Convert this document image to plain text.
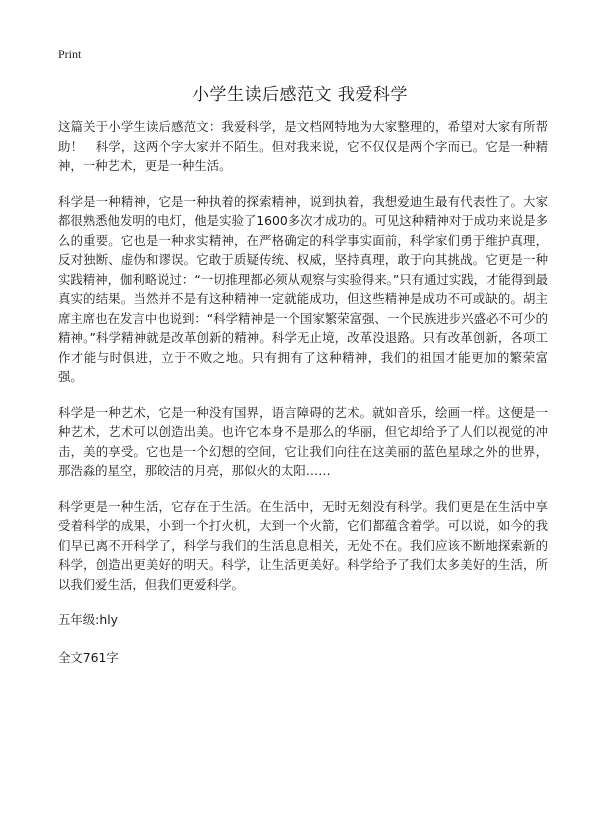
Print
小学生读后感范文 我爱科学

这篇关于小学生读后感范文：我爱科学，是文档网特地为大家整理的，希望对大家有所帮助！　科学，这两个字大家并不陌生。但对我来说，它不仅仅是两个字而已。它是一种精神，一种艺术，更是一种生活。

科学是一种精神，它是一种执着的探索精神，说到执着，我想爱迪生最有代表性了。大家都很熟悉他发明的电灯，他是实验了1600多次才成功的。可见这种精神对于成功来说是多么的重要。它也是一种求实精神，在严格确定的科学事实面前，科学家们勇于维护真理，反对独断、虚伪和谬误。它敢于质疑传统、权威，坚持真理，敢于向其挑战。它更是一种实践精神，伽利略说过：“一切推理都必须从观察与实验得来。”只有通过实践，才能得到最真实的结果。当然并不是有这种精神一定就能成功，但这些精神是成功不可或缺的。胡主席主席也在发言中也说到：“科学精神是一个国家繁荣富强、一个民族进步兴盛必不可少的精神。”科学精神就是改革创新的精神。科学无止境，改革没退路。只有改革创新，各项工作才能与时俱进，立于不败之地。只有拥有了这种精神，我们的祖国才能更加的繁荣富强。

科学是一种艺术，它是一种没有国界，语言障碍的艺术。就如音乐，绘画一样。这便是一种艺术，艺术可以创造出美。也许它本身不是那么的华丽，但它却给予了人们以视觉的冲击，美的享受。它也是一个幻想的空间，它让我们向往在这美丽的蓝色星球之外的世界，那浩淼的星空，那皎洁的月亮，那似火的太阳……

科学更是一种生活，它存在于生活。在生活中，无时无刻没有科学。我们更是在生活中享受着科学的成果，小到一个打火机，大到一个火箭，它们都蕴含着学。可以说，如今的我们早已离不开科学了，科学与我们的生活息息相关，无处不在。我们应该不断地探索新的科学，创造出更美好的明天。科学，让生活更美好。科学给予了我们太多美好的生活，所以我们爱生活，但我们更爱科学。

五年级:hly

全文761字
